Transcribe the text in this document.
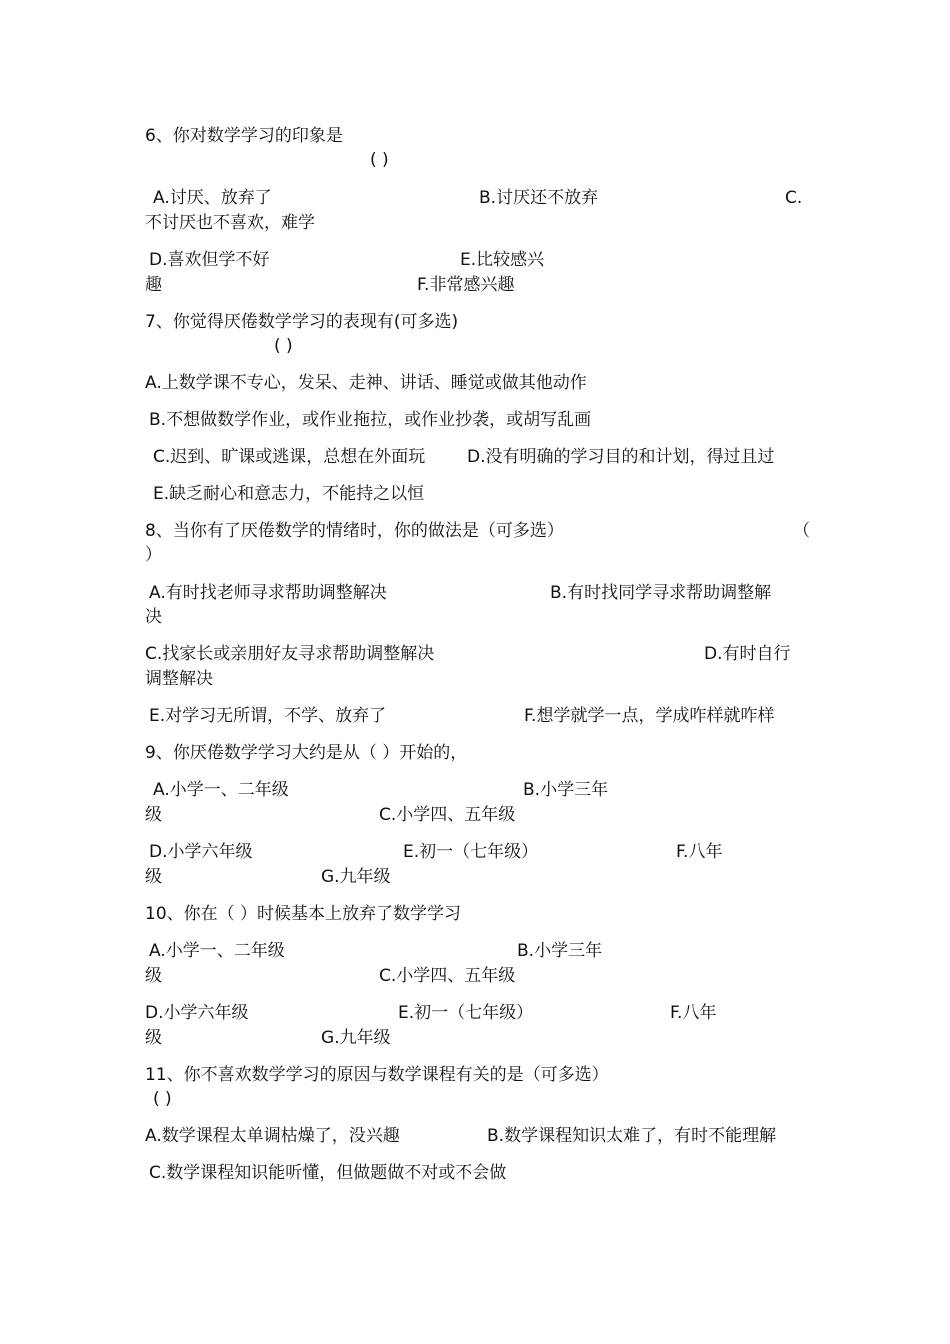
6、你对数学学习的印象是
( )
A.讨厌、放弃了	B.讨厌还不放弃	C.
不讨厌也不喜欢，难学
D.喜欢但学不好	E.比较感兴
趣	F.非常感兴趣
7、你觉得厌倦数学学习的表现有(可多选)
( )
A.上数学课不专心，发呆、走神、讲话、睡觉或做其他动作
B.不想做数学作业，或作业拖拉，或作业抄袭，或胡写乱画
C.迟到、旷课或逃课，总想在外面玩 D.没有明确的学习目的和计划，得过且过
E.缺乏耐心和意志力，不能持之以恒
8、当你有了厌倦数学的情绪时，你的做法是（可多选）	（
）
A.有时找老师寻求帮助调整解决	B.有时找同学寻求帮助调整解
决
C.找家长或亲朋好友寻求帮助调整解决	D.有时自行
调整解决
E.对学习无所谓，不学、放弃了	F.想学就学一点，学成咋样就咋样
9、你厌倦数学学习大约是从（ ）开始的，
A.小学一、二年级	B.小学三年
级	C.小学四、五年级
D.小学六年级	E.初一（七年级）	F.八年
级	G.九年级
10、你在（ ）时候基本上放弃了数学学习
A.小学一、二年级	B.小学三年
级	C.小学四、五年级
D.小学六年级	E.初一（七年级）	F.八年
级	G.九年级
11、你不喜欢数学学习的原因与数学课程有关的是（可多选）
( )
A.数学课程太单调枯燥了，没兴趣	B.数学课程知识太难了，有时不能理解
C.数学课程知识能听懂，但做题做不对或不会做
